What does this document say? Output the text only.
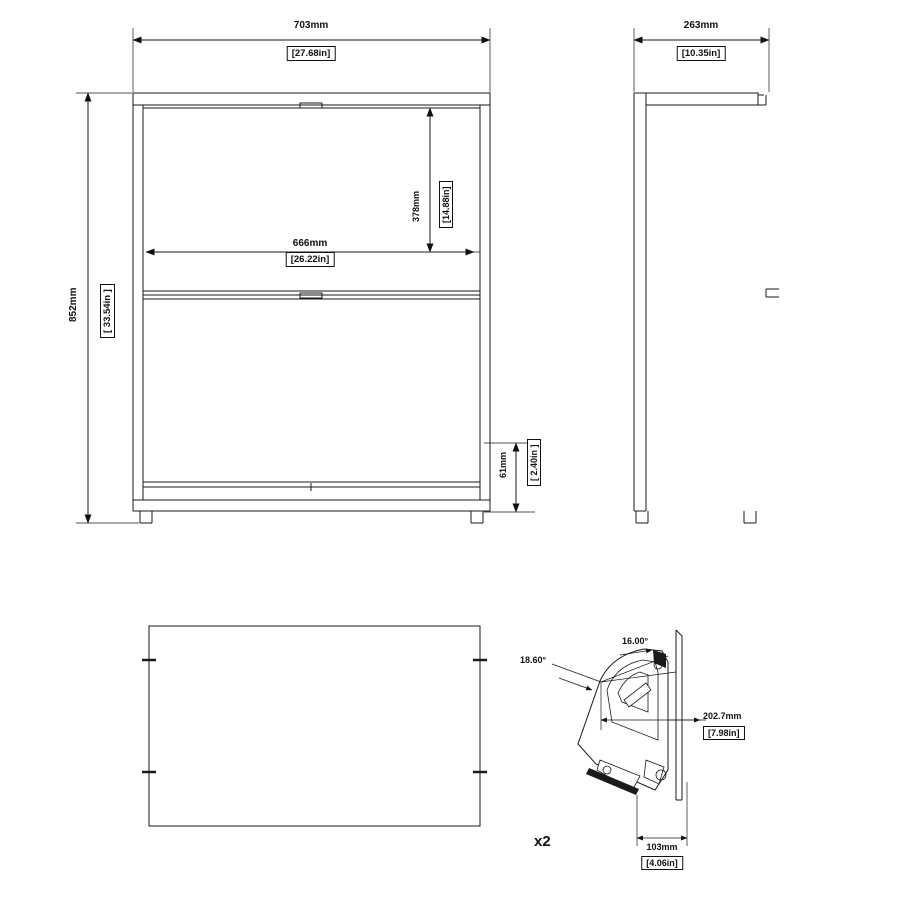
703mm
[27.68in]
852mm [ 33.54in ]
378mm [14.88in]
666mm
[26.22in]
61mm [ 2.40in ]
263mm
[10.35in]
16.00°
18.60°
202.7mm
[7.98in]
103mm
[4.06in]
x2
